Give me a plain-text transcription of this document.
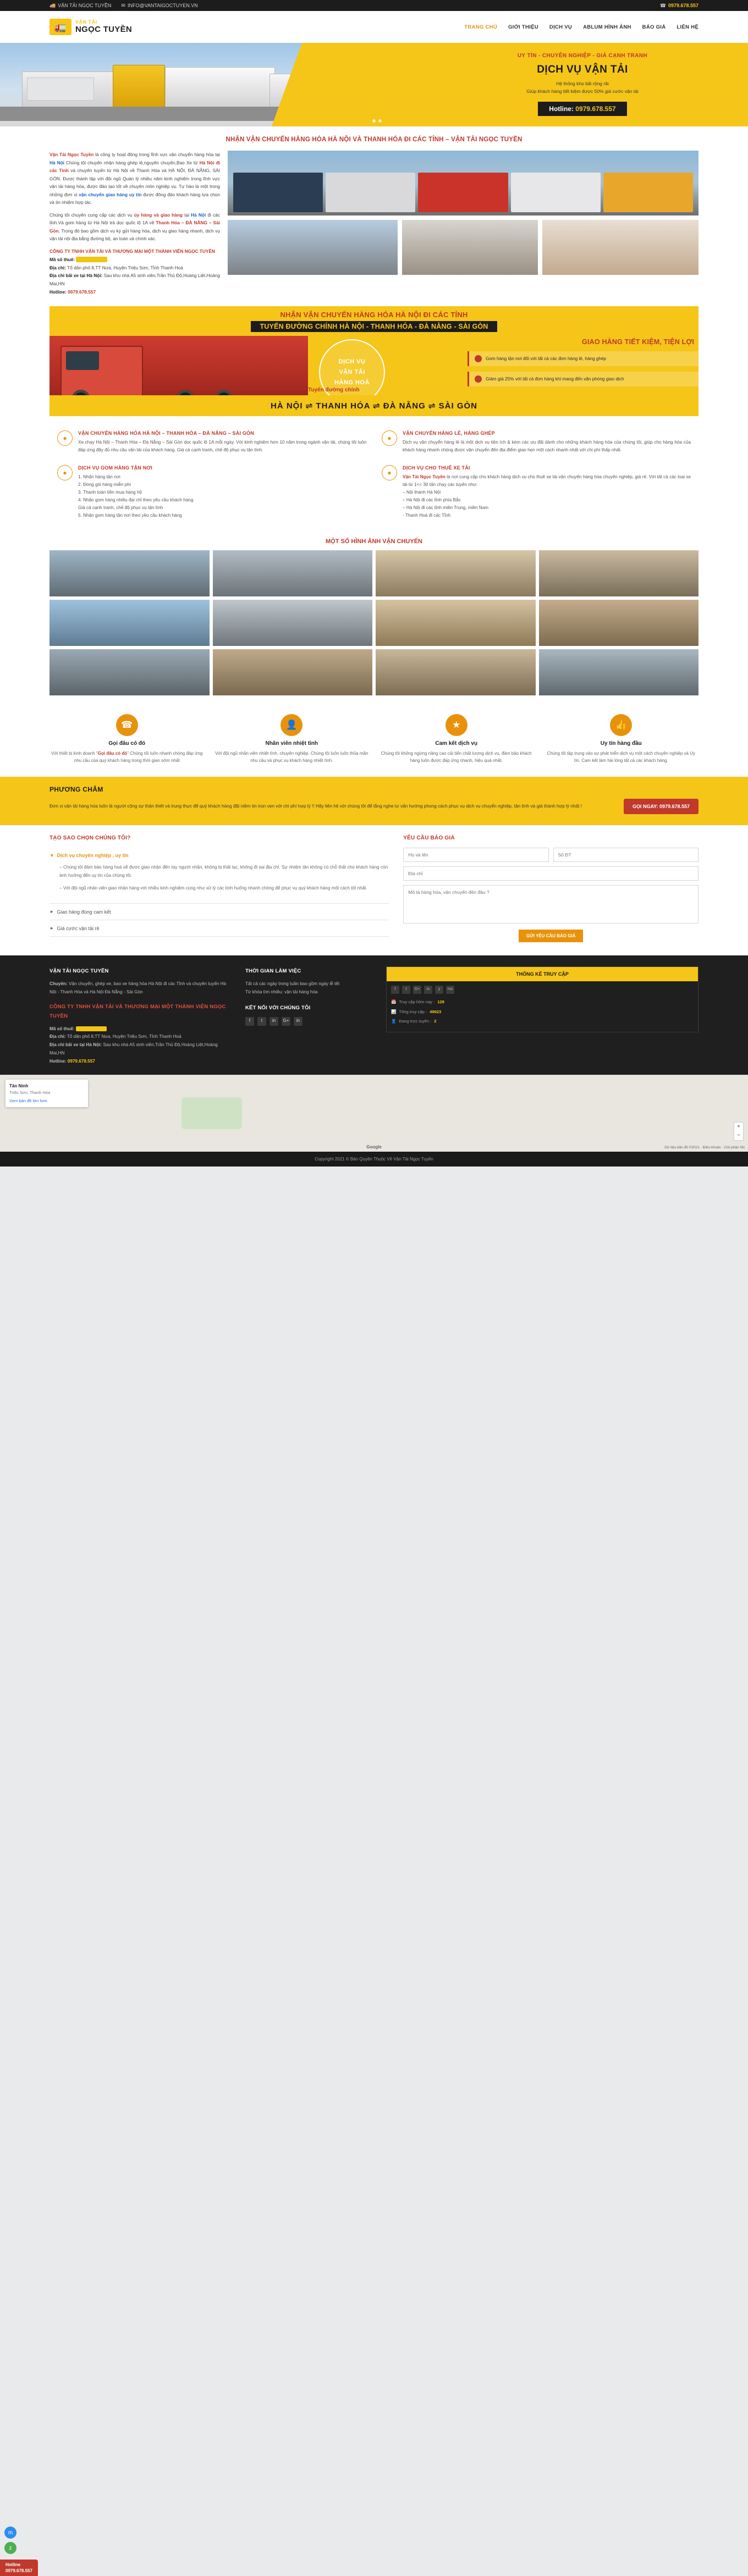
🚚 VẬN TẢI NGỌC TUYỀN ✉ INFO@VANTAIGOCTUYEN.VN	☎ 0979.678.557
🚛 VẬN TẢI
NGỌC TUYỀN	TRANG CHỦ GIỚI THIỆU DỊCH VỤ ABLUM HÌNH ẢNH BÁO GIÁ LIÊN HỆ
UY TÍN - CHUYÊN NGHIỆP - GIÁ CẠNH TRANH
DỊCH VỤ VẬN TẢI
Hệ thống kho bãi rộng rãi
Giúp khách hàng tiết kiệm được 50% giá cước vận tải
Hotline: 0979.678.557
NHẬN VẬN CHUYỂN HÀNG HÓA HÀ NỘI VÀ THANH HÓA ĐI CÁC TỈNH – VẬN TẢI NGỌC TUYỀN

Vận Tải Ngọc Tuyền là công ty hoạt động trong lĩnh vực vận chuyển hàng hóa tại Hà Nội Chúng tôi chuyên nhận hàng ghép lẻ,nguyên chuyến,Bao Xe từ Hà Nội đi các Tỉnh và chuyên tuyến từ Hà Nội về Thanh Hóa và HÀ NỘI, ĐÀ NẴNG, SÀI GÒN. Được thành lập với đội ngũ Quản lý nhiều năm kinh nghiệm trong lĩnh vực vận tải hàng hóa, được đào tạo tốt về chuyên môn nghiệp vụ. Tự hào là một trong những đơn vị vận chuyển giao hàng uy tín được đông đảo khách hàng lựa chọn và tin nhiệm hợp tác.

Chúng tôi chuyên cung cấp các dịch vụ ủy hàng và giao hàng tại Hà Nội đi các tỉnh.Và gom hàng từ Hà Nội trả dọc quốc lộ 1A về Thanh Hóa – ĐÀ NẴNG – Sài Gòn. Trong đó bao gồm dịch vụ ký gửi hàng hóa, dịch vụ giao hàng nhanh, dịch vụ vận tải nội địa bằng đường bộ, an toàn và chính xác.

CÔNG TY TNHH VẬN TẢI VÀ THƯƠNG MẠI MỘT THÀNH VIÊN NGỌC TUYỀN
Mã số thuế: 0019793
Địa chỉ: Tổ dân phố 8,TT Nưa, Huyện Triệu Sơn, Tỉnh Thanh Hoá
Địa chỉ bãi xe tại Hà Nội: Sau khu nhà A5 sinh viên,Trần Thủ Độ,Hoàng Liệt,Hoàng Mai,HN
Hotline: 0979.678.557
NHẬN VẬN CHUYỂN HÀNG HÓA HÀ NỘI ĐI CÁC TỈNH
TUYẾN ĐƯỜNG CHÍNH HÀ NỘI - THANH HÓA - ĐÀ NẴNG - SÀI GÒN
DỊCH VỤ
VẬN TẢI
HÀNG HOÁ
GIAO HÀNG TIẾT KIỆM, TIỆN LỢI
Gom hàng tận nơi đối với tất cả các đơn hàng lẻ, hàng ghép
Giảm giá 25% với tất cả đơn hàng khi mang đến văn phòng giao dịch
Tuyến đường chính
HÀ NỘI ⇌ THANH HÓA ⇌ ĐÀ NẴNG ⇌ SÀI GÒN
●
VẬN CHUYỂN HÀNG HÓA HÀ NỘI – THANH HÓA – ĐÀ NẴNG – SÀI GÒN
Xe chạy Hà Nội – Thanh Hóa – Đà Nẵng – Sài Gòn dọc quốc lộ 1A mỗi ngày. Với kinh nghiệm hơn 10 năm trong ngành vận tải, chúng tôi luôn đáp ứng đầy đủ nhu cầu vận tải của khách hàng. Giá cả cạnh tranh, chế độ phục vụ tận tình.
●
VẬN CHUYỂN HÀNG LẺ, HÀNG GHÉP
Dịch vụ vận chuyển hàng lẻ là một dịch vụ tiện ích & kèm các ưu đãi dành cho những khách hàng hóa của chúng tôi, giúp cho hàng hóa của khách hàng nhanh chóng được vận chuyển đến địa điểm giao hẹn một cách nhanh nhất với chi phí thấp nhất.
●
DỊCH VỤ GOM HÀNG TẬN NƠI
1. Nhận hàng tận nơi
2. Đóng gói hàng miễn phí
3. Thanh toán tiền mua hàng hộ
4. Nhận gom hàng nhiều đại chỉ theo yêu cầu khách hàng
Giá cả cạnh tranh, chế độ phục vụ tận tình
5. Nhận gom hàng tận nơi theo yêu cầu khách hàng
●
DỊCH VỤ CHO THUÊ XE TẢI
Vận Tải Ngọc Tuyền là nơi cung cấp cho khách hàng dịch vụ cho thuê xe tải vận chuyển hàng hóa chuyên nghiệp, giá rẻ. Với tất cả các loại xe tải từ 1<= 30 tấn chạy các tuyến như:
– Nội thành Hà Nội
– Hà Nội đi các tỉnh phía Bắc
– Hà Nội đi các tỉnh miền Trung, miền Nam
- Thanh Hoá đi các Tỉnh
MỘT SỐ HÌNH ẢNH VẬN CHUYỂN
☎
Gọi đâu có đó
Với thiết bị kinh doanh "Gọi đâu có đó" Chúng tôi luôn nhanh chóng đáp ứng nhu cầu của quý khách hàng trong thời gian sớm nhất
👤
Nhân viên nhiệt tình
Với đội ngũ nhân viên nhiệt tình, chuyên nghiệp. Chúng tôi luôn luôn thỏa mãn nhu cầu và phục vụ khách hàng nhiệt tình.
★
Cam kết dịch vụ
Chúng tôi không ngừng nâng cao cải tiến chất lượng dịch vụ, đảm bảo khách hàng luôn được đáp ứng nhanh, hiệu quả nhất.
👍
Uy tín hàng đầu
Chúng tôi tập trung vào sự phát triển dịch vụ một cách chuyên nghiệp và Uy tín. Cam kết làm hài lòng tất cả các khách hàng.
PHƯƠNG CHÂM
Đơn vị vận tải hàng hóa luôn là người cộng sự thân thiết và trung thực để quý khách hàng đặt niềm tin trọn vẹn với chi phí hợp lý !! Hãy liên hệ với chúng tôi để lắng nghe tư vấn hướng phong cách phục vụ dịch vụ chuyển nghiệp, tận tình và giá thành hợp lý nhất !	GỌI NGAY: 0979.678.557
TẠO SAO CHỌN CHÚNG TÔI?
▾ Dịch vụ chuyên nghiệp , uy tín

– Chúng tôi đảm bảo hàng hoá sẽ được giao nhận đến tay người nhận, không bị thất lạc, không đi sai địa chỉ. Sự nhiệm tân không có chỗ thất cho khách hàng còn ảnh hưởng đến uy tín của chúng tôi.

– Với đội ngũ nhân viên giao nhận hàng với nhiều kinh nghiệm cùng như xử lý các tình huống nhanh chóng để phục vụ quý khách hàng một cách tốt nhất

▸ Giao hàng đúng cam kết
▸ Giá cước vận tải rẻ
YÊU CẦU BÁO GIÁ
Họ và tên
Số ĐT
Địa chỉ
Mô tả hàng hóa, vận chuyển đến đâu ?
GỬI YÊU CẦU BÁO GIÁ
VẬN TẢI NGỌC TUYỀN
Chuyên: Vận chuyển, ghép xe, bao xe hàng hóa Hà Nội đi các Tỉnh và chuyên tuyến Hà Nội - Thanh Hóa và Hà Nội Đà Nẵng - Sài Gòn
CÔNG TY TNHH VẬN TẢI VÀ THƯƠNG MẠI MỘT THÀNH VIÊN NGỌC TUYỀN
Mã số thuế: 0019793
Địa chỉ: Tổ dân phố 8,TT Nưa, Huyện Triệu Sơn, Tỉnh Thanh Hoá
Địa chỉ bãi xe tại Hà Nội: Sau khu nhà A5 sinh viên,Trần Thủ Độ,Hoàng Liệt,Hoàng Mai,HN
Hotline: 0979.678.557
THỜI GIAN LÀM VIỆC
Tất cả các ngày trong tuần bao gồm ngày lễ tết
Từ khóa tìm nhiều: vận tải hàng hóa
KẾT NỐI VỚI CHÚNG TÔI
f	t	in	G+	in
THỐNG KÊ TRUY CẬP
f	t	G+	in	y	rss
📅 Truy cập hôm nay : 128
📊 Tổng truy cập : 49623
👤 Đang trực tuyến : 2
Tân Ninh
Triệu Sơn, Thanh Hóa
Xem bản đồ lớn hơn
+
−
Google	Dữ liệu bản đồ ©2021 · Điều khoản · Gửi phản hồi
Copyright 2021 © Bản Quyền Thuộc Về Vận Tải Ngọc Tuyền
m
z
Hotline
0979.678.557
